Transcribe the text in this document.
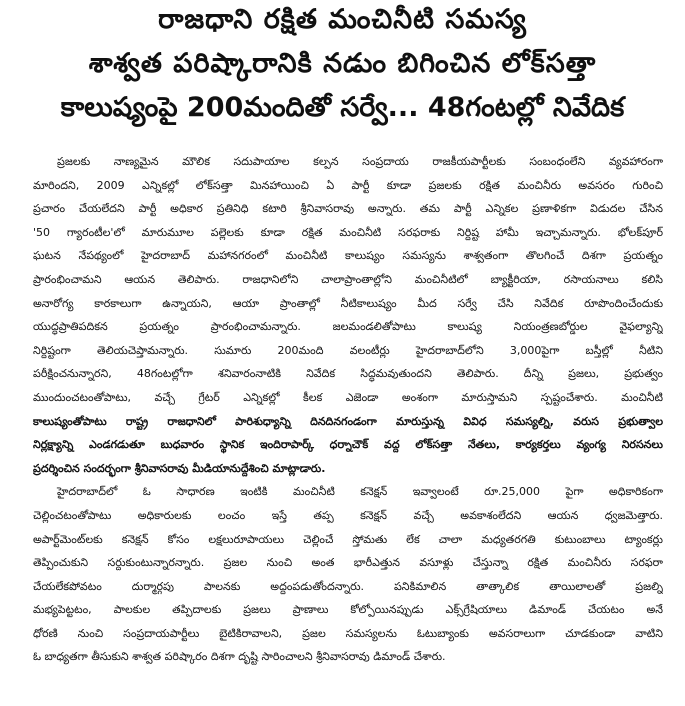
రాజధాని రక్షిత మంచినీటి సమస్య
శాశ్వత పరిష్కారానికి నడుం బిగించిన లోక్‌సత్తా
కాలుష్యంపై 200మందితో సర్వే... 48గంటల్లో నివేదిక
ప్రజలకు నాణ్యమైన మౌలిక సదుపాయాల కల్పన సంప్రదాయ రాజకీయపార్టీలకు సంబంధంలేని వ్యవహారంగా
మారిందని, 2009 ఎన్నికల్లో లోక్‌సత్తా మినహాయించి ఏ పార్టీ కూడా ప్రజలకు రక్షిత మంచినీరు అవసరం గురించి
ప్రచారం చేయలేదని పార్టీ అధికార ప్రతినిధి కటారి శ్రీనివాసరావు అన్నారు. తమ పార్టీ ఎన్నికల ప్రణాళికగా విడుదల చేసిన
'50 గ్యారంటీల'లో మారుమూల పల్లెలకు కూడా రక్షిత మంచినీటి సరఫరాకు నిర్దిష్ట హామీ ఇచ్చామన్నారు. భోలక్‌పూర్
ఘటన నేపథ్యంలో హైదరాబాద్ మహానగరంలో మంచినీటి కాలుష్యం సమస్యను శాశ్వతంగా తొలగించే దిశగా ప్రయత్నం
ప్రారంభించామని ఆయన తెలిపారు. రాజధానిలోని చాలాప్రాంతాల్లోని మంచినీటిలో బ్యాక్టీరియా, రసాయనాలు కలిసి
అనారోగ్య కారకాలుగా ఉన్నాయని, ఆయా ప్రాంతాల్లో నీటికాలుష్యం మీద సర్వే చేసి నివేదిక రూపొందించేందుకు
యుద్ధప్రాతిపదికన ప్రయత్నం ప్రారంభించామన్నారు. జలమండలితోపాటు కాలుష్య నియంత్రణబోర్డుల వైఫల్యాన్ని
నిర్దిష్టంగా తెలియచెప్తామన్నారు. సుమారు 200మంది వలంటీర్లు హైదరాబాద్‌లోని 3,000పైగా బస్తీల్లో నీటిని
పరీక్షించనున్నారని, 48గంటల్లోగా శనివారంనాటికి నివేదిక సిద్ధమవుతుందని తెలిపారు. దీన్ని ప్రజలు, ప్రభుత్వం
ముందుంచటంతోపాటు, వచ్చే గ్రేటర్ ఎన్నికల్లో కీలక ఎజెండా అంశంగా మారుస్తామని స్పష్టంచేశారు. మంచినీటి
కాలుష్యంతోపాటు రాష్ట్ర రాజధానిలో పారిశుధ్యాన్ని దినదినగండంగా మారుస్తున్న వివిధ సమస్యల్ని, వరుస ప్రభుత్వాల
నిర్లక్ష్యాన్ని ఎండగడుతూ బుధవారం స్థానిక ఇందిరాపార్క్ ధర్నాచౌక్ వద్ద లోక్‌సత్తా నేతలు, కార్యకర్తలు వ్యంగ్య నిరసనలు
ప్రదర్శించిన సందర్భంగా శ్రీనివాసరావు మీడియానుద్దేశించి మాట్లాడారు.
హైదరాబాద్‌లో ఓ సాధారణ ఇంటికి మంచినీటి కనెక్షన్ ఇవ్వాలంటే రూ.25,000 పైగా అధికారికంగా
చెల్లించటంతోపాటు అధికారులకు లంచం ఇస్తే తప్ప కనెక్షన్ వచ్చే అవకాశంలేదని ఆయన ధ్వజమెత్తారు.
అపార్ట్‌మెంట్‌లకు కనెక్షన్ కోసం లక్షలురూపాయలు చెల్లించే స్తోమతు లేక చాలా మధ్యతరగతి కుటుంబాలు ట్యాంకర్లు
తెప్పించుకుని సర్దుకుంటున్నారన్నారు. ప్రజల నుంచి అంత భారీఎత్తున వసూళ్లు చేస్తున్నా రక్షిత మంచినీరు సరఫరా
చేయలేకపోవటం దుర్మార్గపు పాలనకు అద్దంపడుతోందన్నారు. పనికిమాలిన తాత్కాలిక తాయిలాలతో ప్రజల్ని
మభ్యపెట్టటం, పాలకుల తప్పిదాలకు ప్రజలు ప్రాణాలు కోల్పోయినప్పుడు ఎక్స్‌గ్రేషియాలు డిమాండ్ చేయటం అనే
ధోరణి నుంచి సంప్రదాయపార్టీలు బైటికిరావాలని, ప్రజల సమస్యలను ఓటుబ్యాంకు అవసరాలుగా చూడకుండా వాటిని
ఓ బాధ్యతగా తీసుకుని శాశ్వత పరిష్కారం దిశగా దృష్టి సారించాలని శ్రీనివాసరావు డిమాండ్ చేశారు.
